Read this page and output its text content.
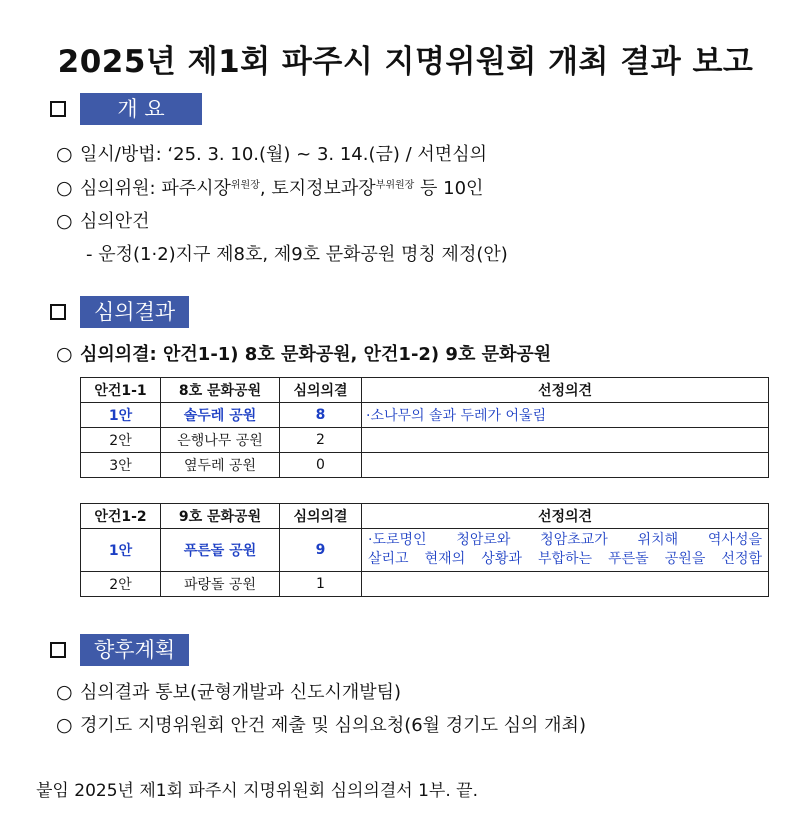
2025년 제1회 파주시 지명위원회 개최 결과 보고
개 요
○ 일시/방법: ‘25. 3. 10.(월) ~ 3. 14.(금) / 서면심의
○ 심의위원: 파주시장$^{위원장}$, 토지정보과장$^{부위원장}$ 등 10인
○ 심의안건
- 운정(1·2)지구 제8호, 제9호 문화공원 명칭 제정(안)
심의결과
○ 심의의결: 안건1-1) 8호 문화공원, 안건1-2) 9호 문화공원
안건1-1	8호 문화공원	심의의결	선정의견
1안	솔두레 공원	8	·소나무의 솔과 두레가 어울림
2안	은행나무 공원	2	
3안	옆두레 공원	0	
안건1-2	9호 문화공원	심의의결	선정의견
1안	푸른돌 공원	9	·도로명인 청암로와 청암초교가 위치해 역사성을
살리고 현재의 상황과 부합하는 푸른돌 공원을 선정함

2안	파랑돌 공원	1	
향후계획
○ 심의결과 통보(균형개발과 신도시개발팀)
○ 경기도 지명위원회 안건 제출 및 심의요청(6월 경기도 심의 개최)
붙임 2025년 제1회 파주시 지명위원회 심의의결서 1부. 끝.
